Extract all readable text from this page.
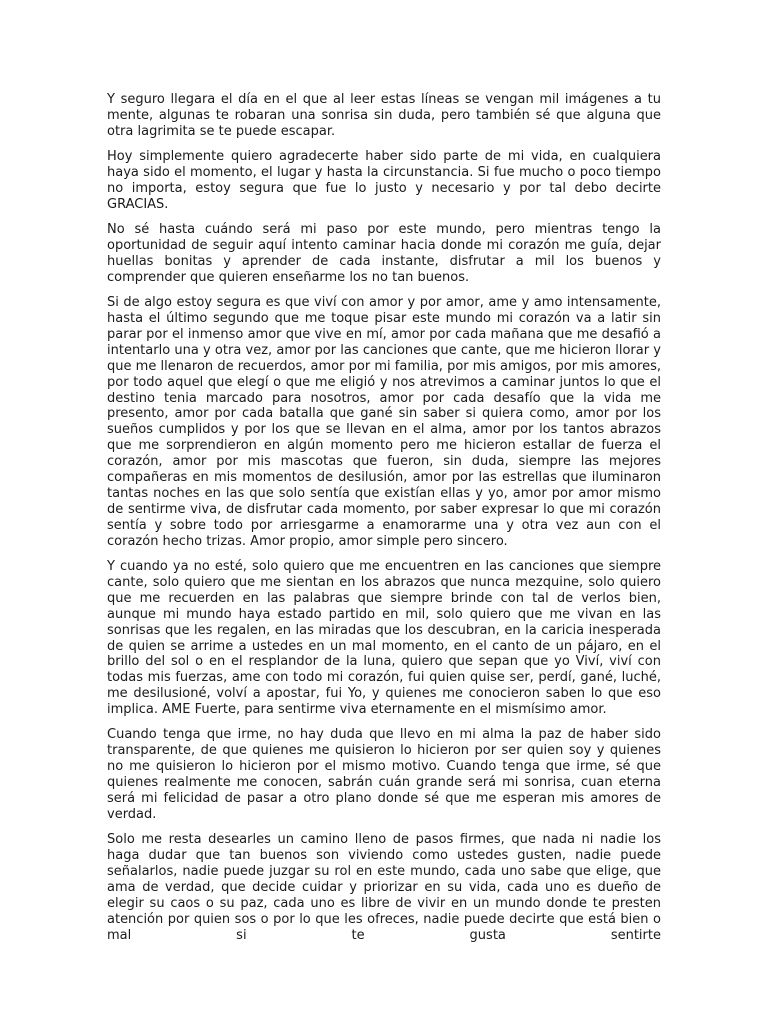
Y seguro llegara el día en el que al leer estas líneas se vengan mil imágenes a tu mente, algunas te robaran una sonrisa sin duda, pero también sé que alguna que otra lagrimita se te puede escapar.

Hoy simplemente quiero agradecerte haber sido parte de mi vida, en cualquiera haya sido el momento, el lugar y hasta la circunstancia. Si fue mucho o poco tiempo no importa, estoy segura que fue lo justo y necesario y por tal debo decirte GRACIAS.

No sé hasta cuándo será mi paso por este mundo, pero mientras tengo la oportunidad de seguir aquí intento caminar hacia donde mi corazón me guía, dejar huellas bonitas y aprender de cada instante, disfrutar a mil los buenos y comprender que quieren enseñarme los no tan buenos.

Si de algo estoy segura es que viví con amor y por amor, ame y amo intensamente, hasta el último segundo que me toque pisar este mundo mi corazón va a latir sin parar por el inmenso amor que vive en mí, amor por cada mañana que me desafió a intentarlo una y otra vez, amor por las canciones que cante, que me hicieron llorar y que me llenaron de recuerdos, amor por mi familia, por mis amigos, por mis amores, por todo aquel que elegí o que me eligió y nos atrevimos a caminar juntos lo que el destino tenia marcado para nosotros, amor por cada desafío que la vida me presento, amor por cada batalla que gané sin saber si quiera como, amor por los sueños cumplidos y por los que se llevan en el alma, amor por los tantos abrazos que me sorprendieron en algún momento pero me hicieron estallar de fuerza el corazón, amor por mis mascotas que fueron, sin duda, siempre las mejores compañeras en mis momentos de desilusión, amor por las estrellas que iluminaron tantas noches en las que solo sentía que existían ellas y yo, amor por amor mismo de sentirme viva, de disfrutar cada momento, por saber expresar lo que mi corazón sentía y sobre todo por arriesgarme a enamorarme una y otra vez aun con el corazón hecho trizas. Amor propio, amor simple pero sincero.

Y cuando ya no esté, solo quiero que me encuentren en las canciones que siempre cante, solo quiero que me sientan en los abrazos que nunca mezquine, solo quiero que me recuerden en las palabras que siempre brinde con tal de verlos bien, aunque mi mundo haya estado partido en mil, solo quiero que me vivan en las sonrisas que les regalen, en las miradas que los descubran, en la caricia inesperada de quien se arrime a ustedes en un mal momento, en el canto de un pájaro, en el brillo del sol o en el resplandor de la luna, quiero que sepan que yo Viví, viví con todas mis fuerzas, ame con todo mi corazón, fui quien quise ser, perdí, gané, luché, me desilusioné, volví a apostar, fui Yo, y quienes me conocieron saben lo que eso implica. AME Fuerte, para sentirme viva eternamente en el mismísimo amor.

Cuando tenga que irme, no hay duda que llevo en mi alma la paz de haber sido transparente, de que quienes me quisieron lo hicieron por ser quien soy y quienes no me quisieron lo hicieron por el mismo motivo. Cuando tenga que irme, sé que quienes realmente me conocen, sabrán cuán grande será mi sonrisa, cuan eterna será mi felicidad de pasar a otro plano donde sé que me esperan mis amores de verdad.

Solo me resta desearles un camino lleno de pasos firmes, que nada ni nadie los haga dudar que tan buenos son viviendo como ustedes gusten, nadie puede señalarlos, nadie puede juzgar su rol en este mundo, cada uno sabe que elige, que ama de verdad, que decide cuidar y priorizar en su vida, cada uno es dueño de elegir su caos o su paz, cada uno es libre de vivir en un mundo donde te presten atención por quien sos o por lo que les ofreces, nadie puede decirte que está bien o mal si te gusta sentirte
